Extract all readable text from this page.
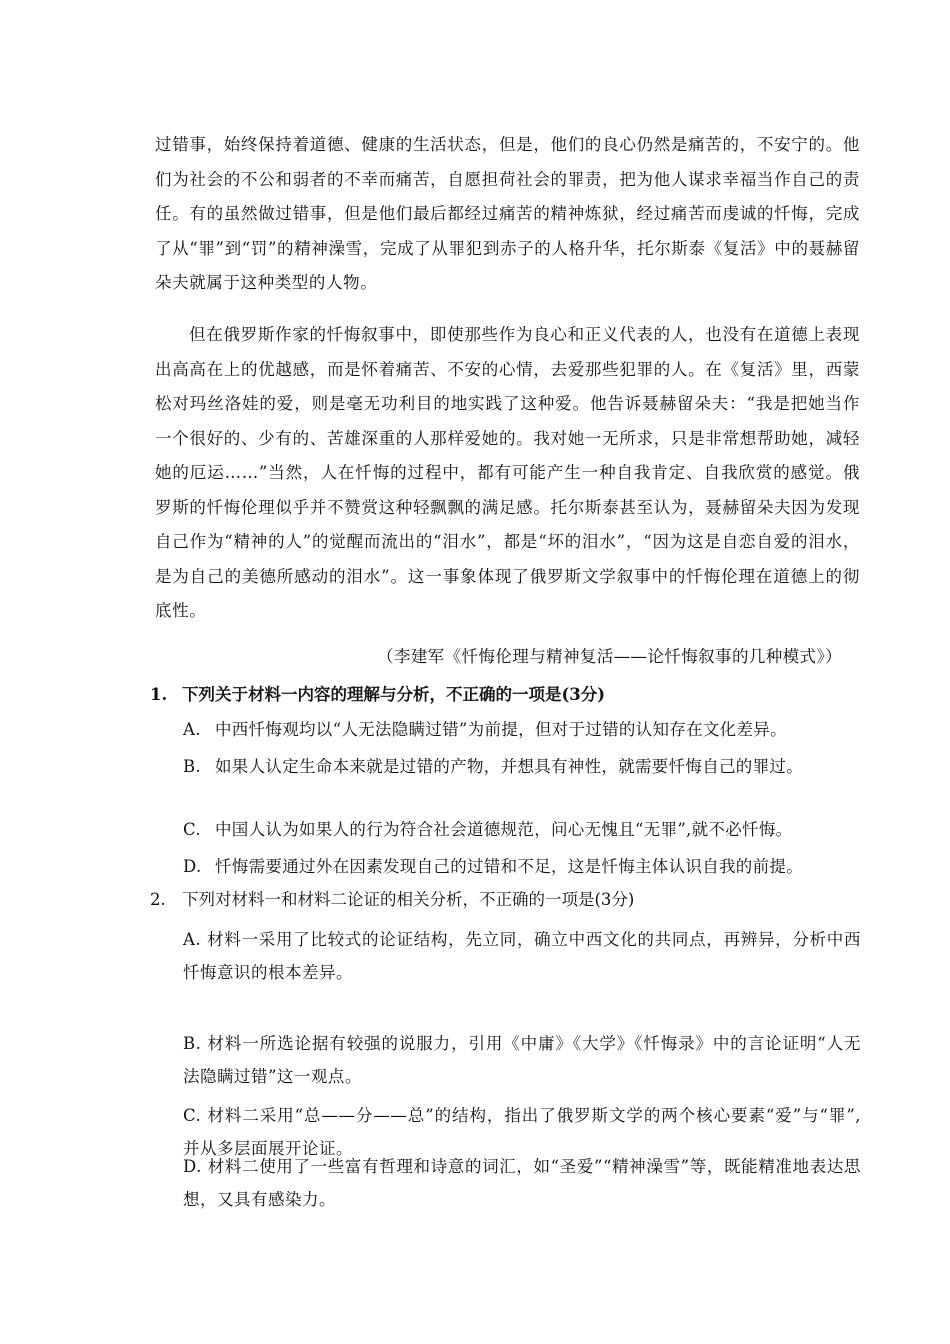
过错事，始终保持着道德、健康的生活状态，但是，他们的良心仍然是痛苦的，不安宁的。他们为社会的不公和弱者的不幸而痛苦，自愿担荷社会的罪责，把为他人谋求幸福当作自己的责任。有的虽然做过错事，但是他们最后都经过痛苦的精神炼狱，经过痛苦而虔诚的忏悔，完成了从“罪”到“罚”的精神澡雪，完成了从罪犯到赤子的人格升华，托尔斯泰《复活》中的聂赫留朵夫就属于这种类型的人物。

但在俄罗斯作家的忏悔叙事中，即使那些作为良心和正义代表的人，也没有在道德上表现出高高在上的优越感，而是怀着痛苦、不安的心情，去爱那些犯罪的人。在《复活》里，西蒙松对玛丝洛娃的爱，则是毫无功利目的地实践了这种爱。他告诉聂赫留朵夫：“我是把她当作一个很好的、少有的、苦雄深重的人那样爱她的。我对她一无所求，只是非常想帮助她，减轻她的厄运……”当然，人在忏悔的过程中，都有可能产生一种自我肯定、自我欣赏的感觉。俄罗斯的忏悔伦理似乎并不赞赏这种轻飘飘的满足感。托尔斯泰甚至认为，聂赫留朵夫因为发现自己作为“精神的人”的觉醒而流出的“泪水”，都是“坏的泪水”，“因为这是自恋自爱的泪水，是为自己的美德所感动的泪水”。这一事象体现了俄罗斯文学叙事中的忏悔伦理在道德上的彻底性。

（李建军《忏悔伦理与精神复活——论忏悔叙事的几种模式》）

1. 下列关于材料一内容的理解与分析，不正确的一项是(3分)

A. 中西忏悔观均以“人无法隐瞒过错”为前提，但对于过错的认知存在文化差异。

B. 如果人认定生命本来就是过错的产物，并想具有神性，就需要忏悔自己的罪过。

C. 中国人认为如果人的行为符合社会道德规范，问心无愧且“无罪”,就不必忏悔。

D. 忏悔需要通过外在因素发现自己的过错和不足，这是忏悔主体认识自我的前提。

2. 下列对材料一和材料二论证的相关分析，不正确的一项是(3分)

A. 材料一采用了比较式的论证结构，先立同，确立中西文化的共同点，再辨异，分析中西忏悔意识的根本差异。

B. 材料一所选论据有较强的说服力，引用《中庸》《大学》《忏悔录》中的言论证明“人无法隐瞒过错”这一观点。

C. 材料二采用“总——分——总”的结构，指出了俄罗斯文学的两个核心要素“爱”与“罪”,并从多层面展开论证。

D. 材料二使用了一些富有哲理和诗意的词汇，如“圣爱”“精神澡雪”等，既能精准地表达思想，又具有感染力。
